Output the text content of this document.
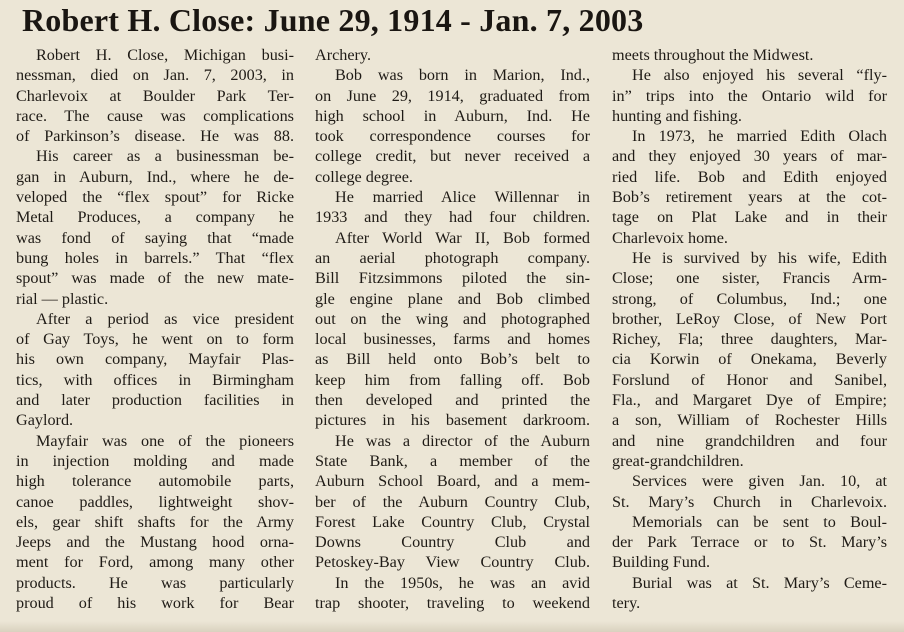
Robert H. Close: June 29, 1914 - Jan. 7, 2003
Robert H. Close, Michigan busi-
nessman, died on Jan. 7, 2003, in
Charlevoix at Boulder Park Ter-
race. The cause was complications
of Parkinson’s disease. He was 88.
His career as a businessman be-
gan in Auburn, Ind., where he de-
veloped the “flex spout” for Ricke
Metal Produces, a company he
was fond of saying that “made
bung holes in barrels.” That “flex
spout” was made of the new mate-
rial — plastic.
After a period as vice president
of Gay Toys, he went on to form
his own company, Mayfair Plas-
tics, with offices in Birmingham
and later production facilities in
Gaylord.
Mayfair was one of the pioneers
in injection molding and made
high tolerance automobile parts,
canoe paddles, lightweight shov-
els, gear shift shafts for the Army
Jeeps and the Mustang hood orna-
ment for Ford, among many other
products. He was particularly
proud of his work for Bear
Archery.
Bob was born in Marion, Ind.,
on June 29, 1914, graduated from
high school in Auburn, Ind. He
took correspondence courses for
college credit, but never received a
college degree.
He married Alice Willennar in
1933 and they had four children.
After World War II, Bob formed
an aerial photograph company.
Bill Fitzsimmons piloted the sin-
gle engine plane and Bob climbed
out on the wing and photographed
local businesses, farms and homes
as Bill held onto Bob’s belt to
keep him from falling off. Bob
then developed and printed the
pictures in his basement darkroom.
He was a director of the Auburn
State Bank, a member of the
Auburn School Board, and a mem-
ber of the Auburn Country Club,
Forest Lake Country Club, Crystal
Downs Country Club and
Petoskey-Bay View Country Club.
In the 1950s, he was an avid
trap shooter, traveling to weekend
meets throughout the Midwest.
He also enjoyed his several “fly-
in” trips into the Ontario wild for
hunting and fishing.
In 1973, he married Edith Olach
and they enjoyed 30 years of mar-
ried life. Bob and Edith enjoyed
Bob’s retirement years at the cot-
tage on Plat Lake and in their
Charlevoix home.
He is survived by his wife, Edith
Close; one sister, Francis Arm-
strong, of Columbus, Ind.; one
brother, LeRoy Close, of New Port
Richey, Fla; three daughters, Mar-
cia Korwin of Onekama, Beverly
Forslund of Honor and Sanibel,
Fla., and Margaret Dye of Empire;
a son, William of Rochester Hills
and nine grandchildren and four
great-grandchildren.
Services were given Jan. 10, at
St. Mary’s Church in Charlevoix.
Memorials can be sent to Boul-
der Park Terrace or to St. Mary’s
Building Fund.
Burial was at St. Mary’s Ceme-
tery.
